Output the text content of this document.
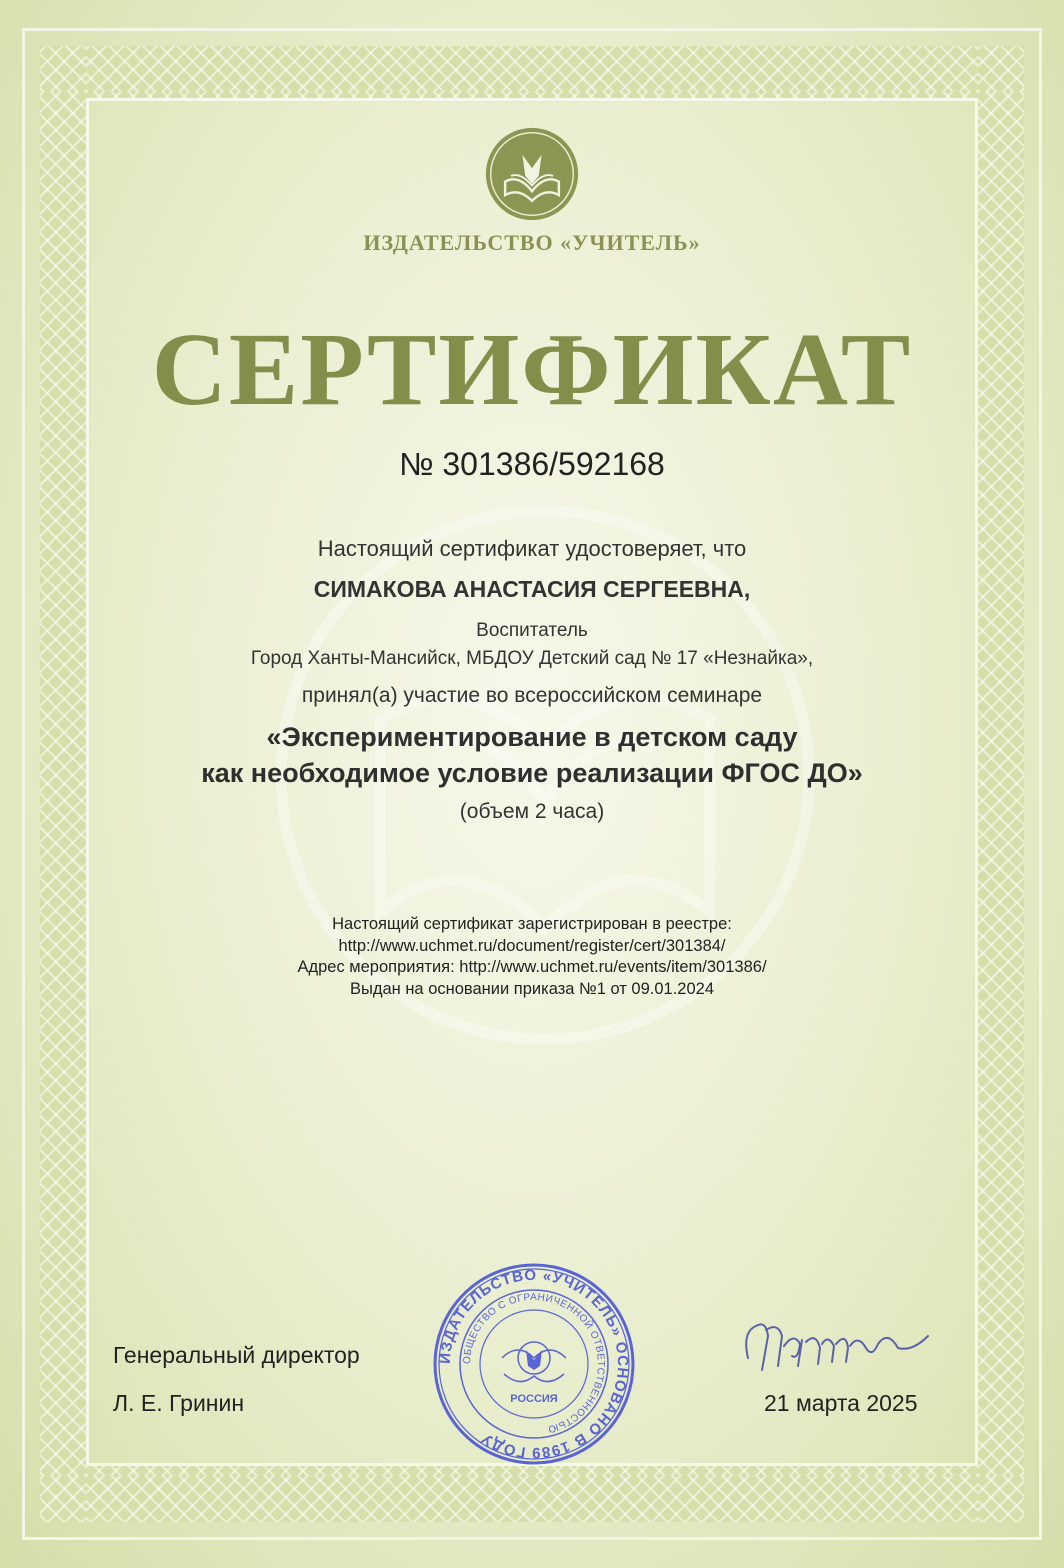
ИЗДАТЕЛЬСТВО «УЧИТЕЛЬ»
СЕРТИФИКАТ
№ 301386/592168
Настоящий сертификат удостоверяет, что
СИМАКОВА АНАСТАСИЯ СЕРГЕЕВНА,
Воспитатель
Город Ханты-Мансийск, МБДОУ Детский сад № 17 «Незнайка»,
принял(а) участие во всероссийском семинаре
«Экспериментирование в детском саду
как необходимое условие реализации ФГОС ДО»
(объем 2 часа)
Настоящий сертификат зарегистрирован в реестре:
http://www.uchmet.ru/document/register/cert/301384/
Адрес мероприятия: http://www.uchmet.ru/events/item/301386/
Выдан на основании приказа №1 от 09.01.2024
Генеральный директор
Л. Е. Гринин	21 марта 2025
ИЗДАТЕЛЬСТВО «УЧИТЕЛЬ» ОСНОВАНО В 1989 ГОДУ
ОБЩЕСТВО С ОГРАНИЧЕННОЙ ОТВЕТСТВЕННОСТЬЮ
РОССИЯ
